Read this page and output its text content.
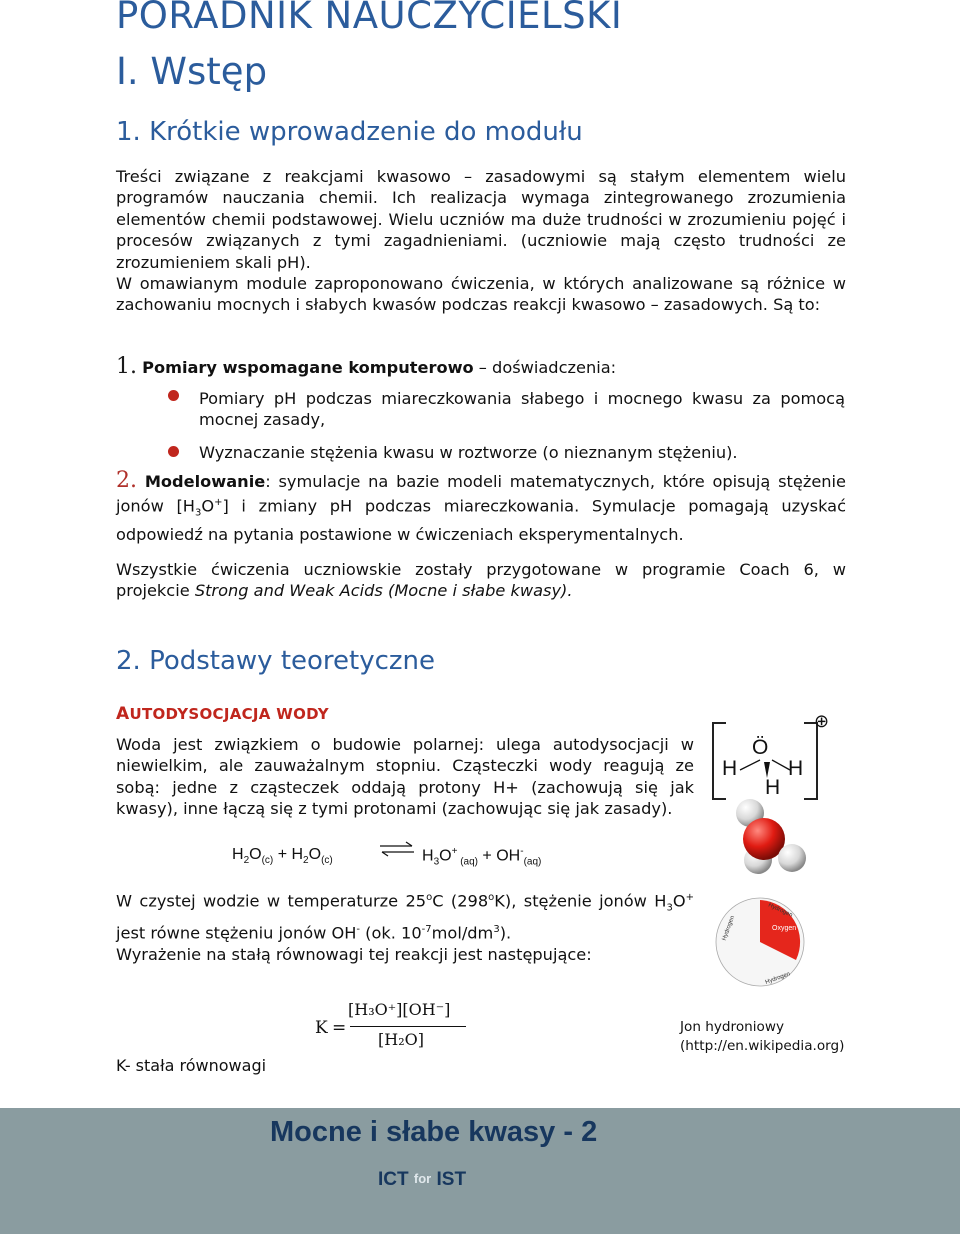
PORADNIK NAUCZYCIELSKI
I. Wstęp
1. Krótkie wprowadzenie do modułu
Treści związane z reakcjami kwasowo – zasadowymi są stałym elementem wielu programów nauczania chemii. Ich realizacja wymaga zintegrowanego zrozumienia elementów chemii podstawowej. Wielu uczniów ma duże trudności w zrozumieniu pojęć i procesów związanych z tymi zagadnieniami. (uczniowie mają często trudności ze zrozumieniem skali pH).
W omawianym module zaproponowano ćwiczenia, w których analizowane są różnice w zachowaniu mocnych i słabych kwasów podczas reakcji kwasowo – zasadowych. Są to:
1. Pomiary wspomagane komputerowo – doświadczenia:
Pomiary pH podczas miareczkowania słabego i mocnego kwasu za pomocą mocnej zasady,
Wyznaczanie stężenia kwasu w roztworze (o nieznanym stężeniu).
2. Modelowanie: symulacje na bazie modeli matematycznych, które opisują stężenie jonów $[H_3O^+]$ i zmiany pH podczas miareczkowania. Symulacje pomagają uzyskać odpowiedź na pytania postawione w ćwiczeniach eksperymentalnych.
Wszystkie ćwiczenia uczniowskie zostały przygotowane w programie Coach 6, w projekcie Strong and Weak Acids (Mocne i słabe kwasy).
2. Podstawy teoretyczne
AUTODYSOCJACJA WODY
Woda jest związkiem o budowie polarnej: ulega autodysocjacji w niewielkim, ale zauważalnym stopniu. Cząsteczki wody reagują ze sobą: jedne z cząsteczek oddają protony H+ (zachowują się jak kwasy), inne łączą się z tymi protonami (zachowując się jak zasady).
$H_2O_{(c)} + H_2O_{(c)}$ ⇌ $H_3O^+$ $_{(aq)} + OH^-_{(aq)}$
W czystej wodzie w temperaturze 25$^o$C (298$^o$K), stężenie jonów $H_3O^+$ jest równe stężeniu jonów OH- (ok. $10^{-7}mol/dm^3$).
Wyrażenie na stałą równowagi tej reakcji jest następujące:
K =
[H₃O⁺][OH⁻]
[H₂O]
K- stała równowagi
Ö
H H
H
⊕
Oxygen
Hydrogen
Hydrogen
Hydrogen
Jon hydroniowy
(http://en.wikipedia.org)
Mocne i słabe kwasy - 2
ICT for IST
